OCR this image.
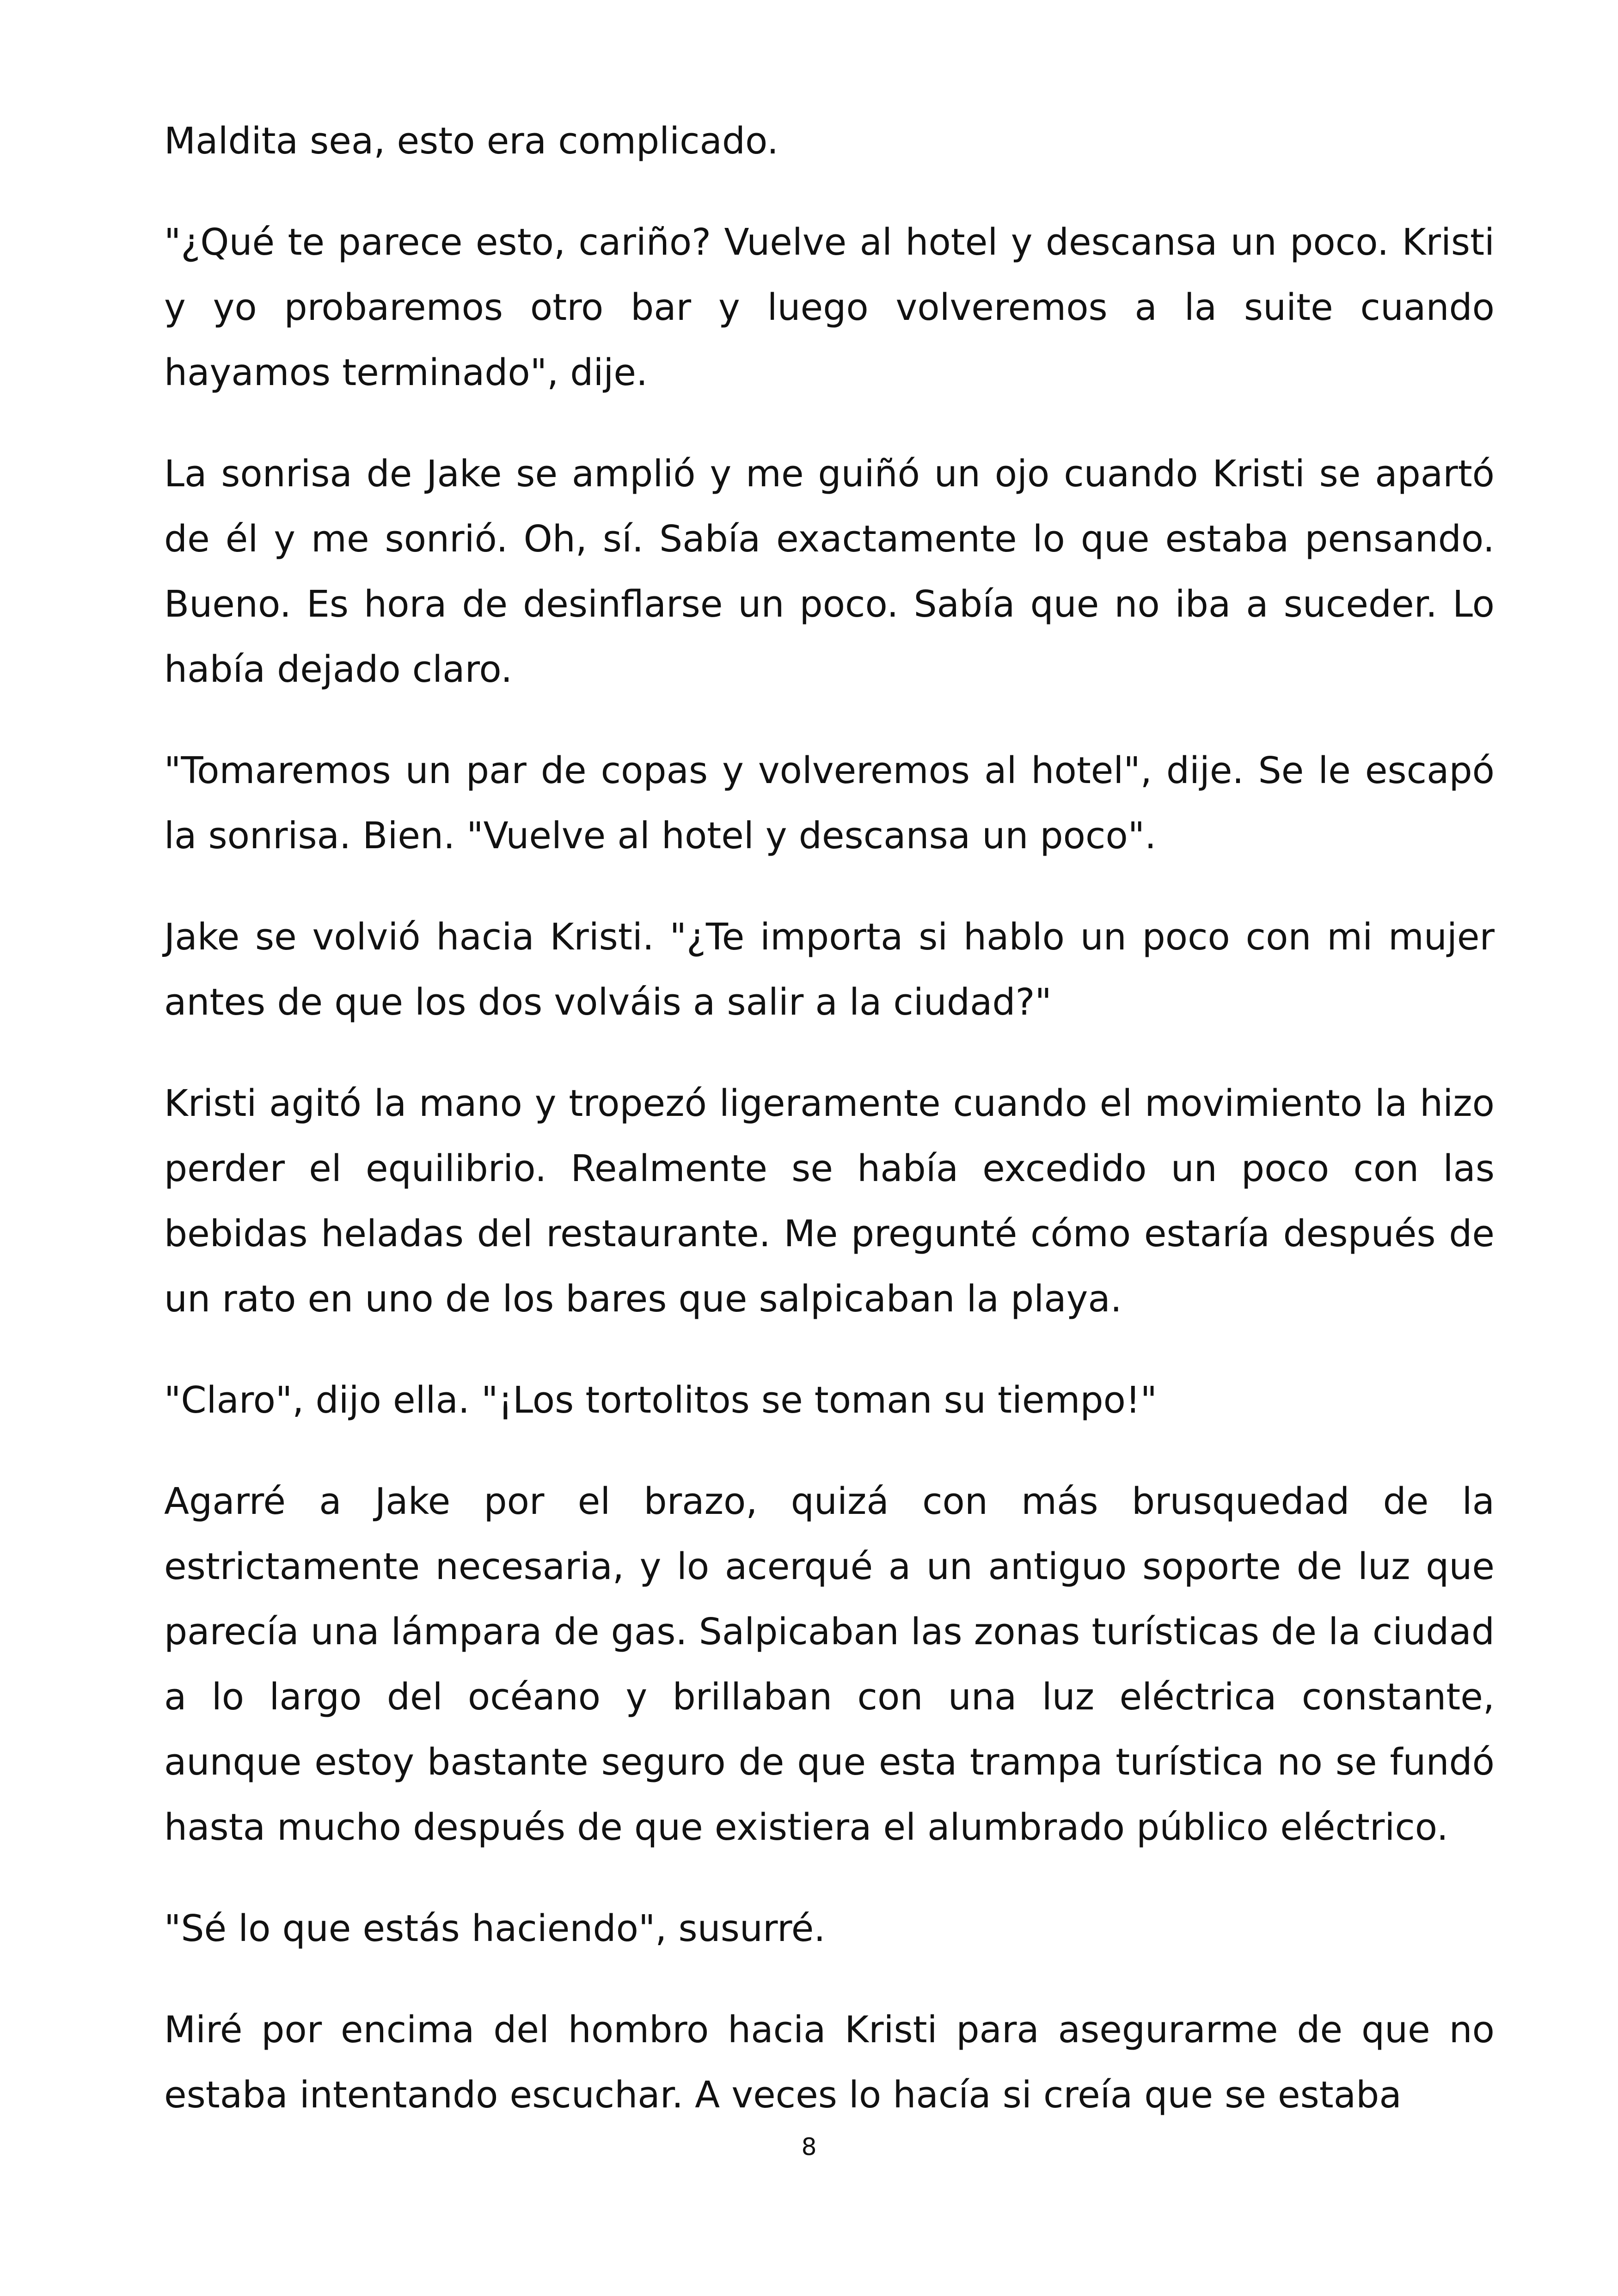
Maldita sea, esto era complicado.

"¿Qué te parece esto, cariño? Vuelve al hotel y descansa un poco. Kristi y yo probaremos otro bar y luego volveremos a la suite cuando hayamos terminado", dije.

La sonrisa de Jake se amplió y me guiñó un ojo cuando Kristi se apartó de él y me sonrió. Oh, sí. Sabía exactamente lo que estaba pensando. Bueno. Es hora de desinflarse un poco. Sabía que no iba a suceder. Lo había dejado claro.

"Tomaremos un par de copas y volveremos al hotel", dije. Se le escapó la sonrisa. Bien. "Vuelve al hotel y descansa un poco".

Jake se volvió hacia Kristi. "¿Te importa si hablo un poco con mi mujer antes de que los dos volváis a salir a la ciudad?"

Kristi agitó la mano y tropezó ligeramente cuando el movimiento la hizo perder el equilibrio. Realmente se había excedido un poco con las bebidas heladas del restaurante. Me pregunté cómo estaría después de un rato en uno de los bares que salpicaban la playa.

"Claro", dijo ella. "¡Los tortolitos se toman su tiempo!"

Agarré a Jake por el brazo, quizá con más brusquedad de la estrictamente necesaria, y lo acerqué a un antiguo soporte de luz que parecía una lámpara de gas. Salpicaban las zonas turísticas de la ciudad a lo largo del océano y brillaban con una luz eléctrica constante, aunque estoy bastante seguro de que esta trampa turística no se fundó hasta mucho después de que existiera el alumbrado público eléctrico.

"Sé lo que estás haciendo", susurré.

Miré por encima del hombro hacia Kristi para asegurarme de que no estaba intentando escuchar. A veces lo hacía si creía que se estaba

8
